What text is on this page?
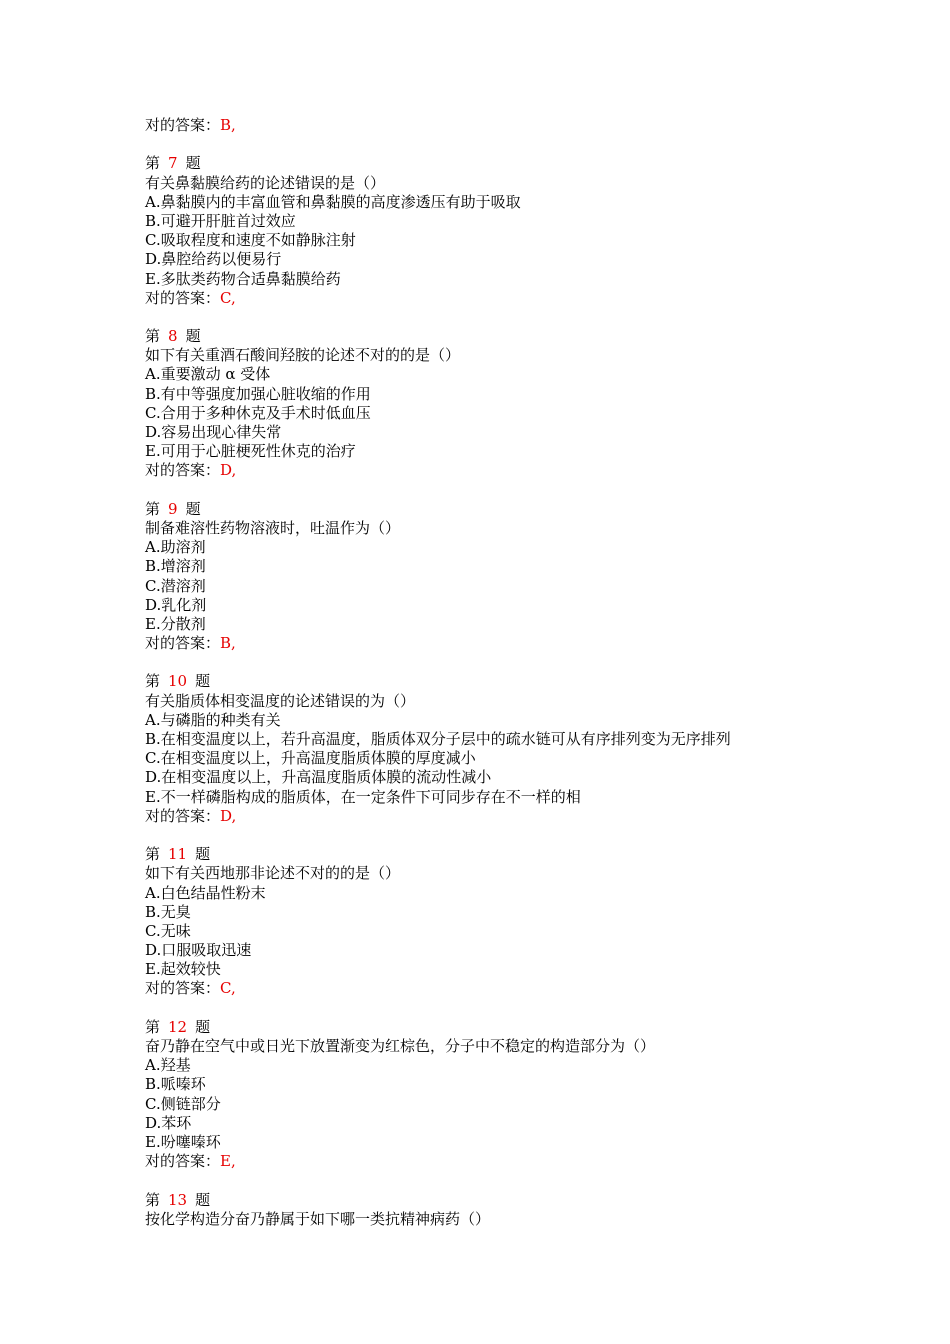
对的答案：B,
第 7 题
有关鼻黏膜给药的论述错误的是（）
A.鼻黏膜内的丰富血管和鼻黏膜的高度渗透压有助于吸取
B.可避开肝脏首过效应
C.吸取程度和速度不如静脉注射
D.鼻腔给药以便易行
E.多肽类药物合适鼻黏膜给药
对的答案：C,
第 8 题
如下有关重酒石酸间羟胺的论述不对的的是（）
A.重要激动 α 受体
B.有中等强度加强心脏收缩的作用
C.合用于多种休克及手术时低血压
D.容易出现心律失常
E.可用于心脏梗死性休克的治疗
对的答案：D,
第 9 题
制备难溶性药物溶液时，吐温作为（）
A.助溶剂
B.增溶剂
C.潜溶剂
D.乳化剂
E.分散剂
对的答案：B,
第 10 题
有关脂质体相变温度的论述错误的为（）
A.与磷脂的种类有关
B.在相变温度以上，若升高温度，脂质体双分子层中的疏水链可从有序排列变为无序排列
C.在相变温度以上，升高温度脂质体膜的厚度减小
D.在相变温度以上，升高温度脂质体膜的流动性减小
E.不一样磷脂构成的脂质体，在一定条件下可同步存在不一样的相
对的答案：D,
第 11 题
如下有关西地那非论述不对的的是（）
A.白色结晶性粉末
B.无臭
C.无味
D.口服吸取迅速
E.起效较快
对的答案：C,
第 12 题
奋乃静在空气中或日光下放置渐变为红棕色，分子中不稳定的构造部分为（）
A.羟基
B.哌嗪环
C.侧链部分
D.苯环
E.吩噻嗪环
对的答案：E,
第 13 题
按化学构造分奋乃静属于如下哪一类抗精神病药（）
